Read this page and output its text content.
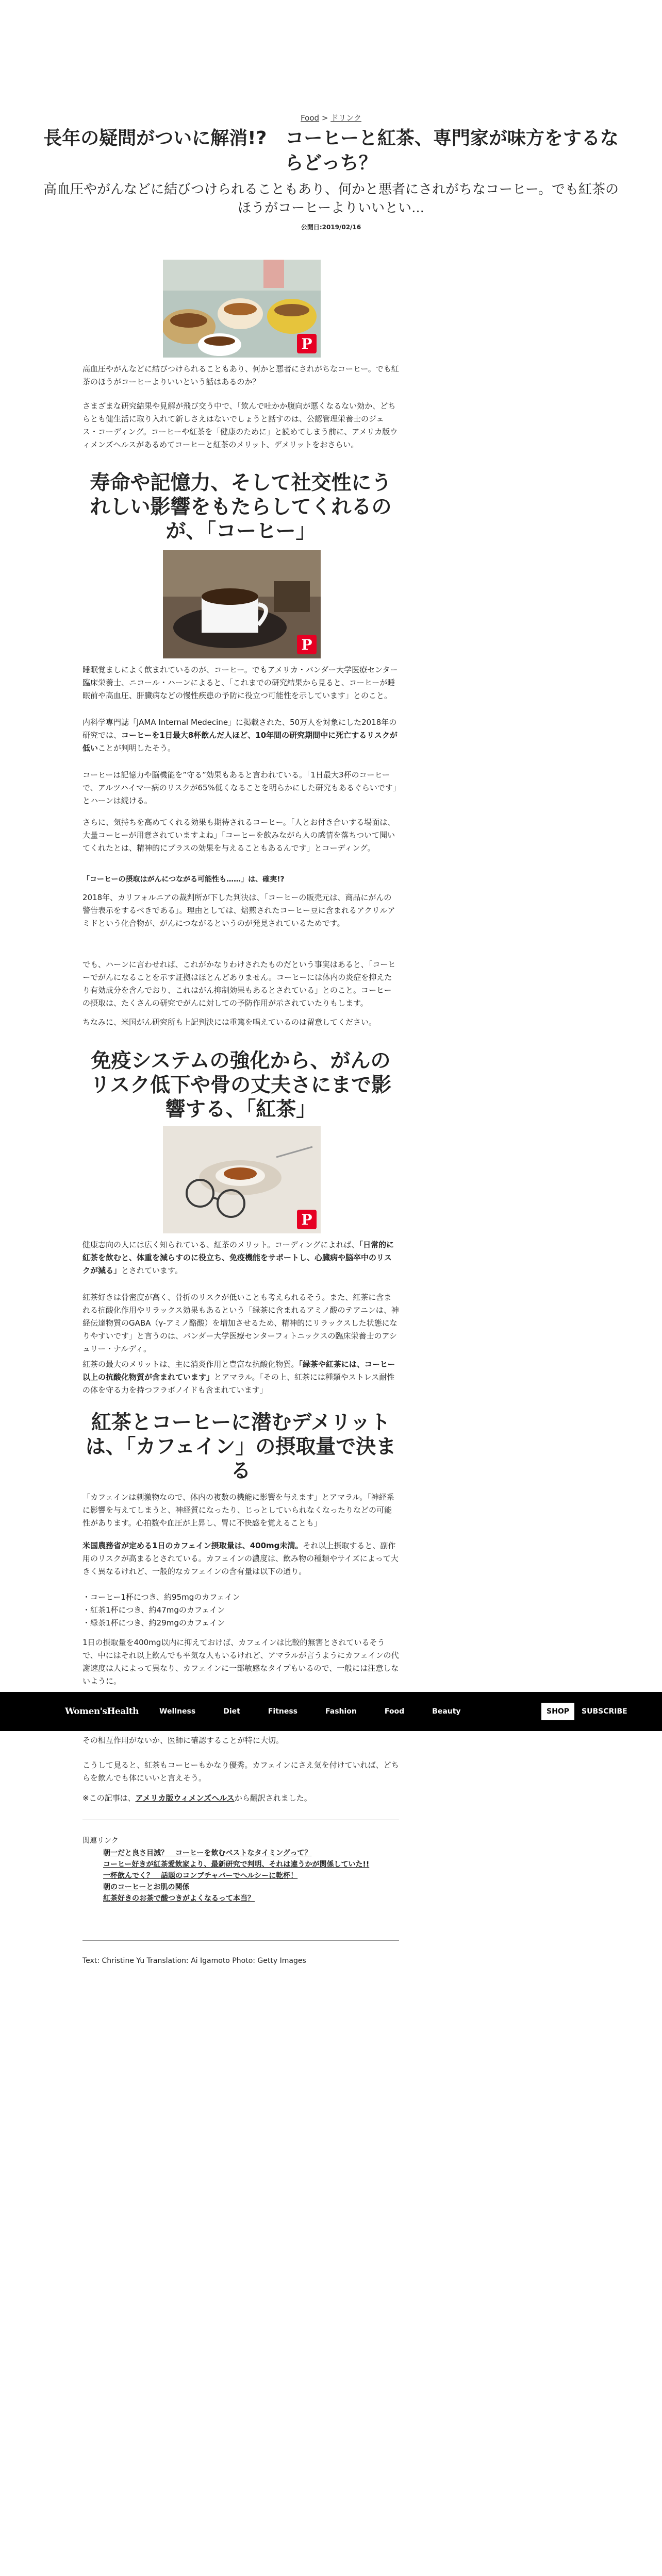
Food > ドリンク
長年の疑問がついに解消!?　コーヒーと紅茶、専門家が味方をするならどっち？
高血圧やがんなどに結びつけられることもあり、何かと悪者にされがちなコーヒー。でも紅茶のほうがコーヒーよりいいとい...
公開日:2019/02/16
P

高血圧やがんなどに結びつけられることもあり、何かと悪者にされがちなコーヒー。でも紅茶のほうがコーヒーよりいいという話はあるのか？

さまざまな研究結果や見解が飛び交う中で、「飲んで吐かか腹向が悪くなるない効か、どちらとも健生活に取り入れて新しさえはないでしょうと話すのは、公認管理栄養士のジェス・コーディング。コーヒーや紅茶を「健康のために」と読めてしまう前に、アメリカ版ウィメンズヘルスがあるめてコーヒーと紅茶のメリット、デメリットをおさらい。

寿命や記憶力、そして社交性にうれしい影響をもたらしてくれるのが、「コーヒー」
P

睡眠覚ましによく飲まれているのが、コーヒー。でもアメリカ・バンダー大学医療センター臨床栄養士、ニコール・ハーンによると、「これまでの研究結果から見ると、コーヒーが睡眠前や高血圧、肝臓病などの慢性疾患の予防に役立つ可能性を示しています」とのこと。

内科学専門誌「JAMA Internal Medecine」に掲載された、50万人を対象にした2018年の研究では、コーヒーを1日最大8杯飲んだ人ほど、10年間の研究期間中に死亡するリスクが低いことが判明したそう。

コーヒーは記憶力や脳機能を”守る”効果もあると言われている。「1日最大3杯のコーヒーで、アルツハイマー病のリスクが65%低くなることを明らかにした研究もあるぐらいです」とハーンは続ける。

さらに、気持ちを高めてくれる効果も期待されるコーヒー。「人とお付き合いする場面は、大量コーヒーが用意されていますよね」「コーヒーを飲みながら人の感情を落ちついて聞いてくれたとは、精神的にプラスの効果を与えることもあるんです」とコーディング。

「コーヒーの摂取はがんにつながる可能性も……」は、確実!?

2018年、カリフォルニアの裁判所が下した判決は、「コーヒーの販売元は、商品にがんの警告表示をするべきである」。理由としては、焙煎されたコーヒー豆に含まれるアクリルアミドという化合物が、がんにつながるというのが発見されているためです。

でも、ハーンに言わせれば、これがかなりわけされたものだという事実はあると、「コーヒーでがんになることを示す証拠はほとんどありません。コーヒーには体内の炎症を抑えたり有効成分を含んでおり、これはがん抑制効果もあるとされている」とのこと。コーヒーの摂取は、たくさんの研究でがんに対しての予防作用が示されていたりもします。

ちなみに、米国がん研究所も上記判決には重篤を唱えているのは留意してください。

免疫システムの強化から、がんのリスク低下や骨の丈夫さにまで影響する、「紅茶」
P

健康志向の人には広く知られている、紅茶のメリット。コーディングによれば、「日常的に紅茶を飲むと、体重を減らすのに役立ち、免疫機能をサポートし、心臓病や脳卒中のリスクが減る」とされています。

紅茶好きは骨密度が高く、骨折のリスクが低いことも考えられるそう。また、紅茶に含まれる抗酸化作用やリラックス効果もあるという「緑茶に含まれるアミノ酸のテアニンは、神経伝達物質のGABA（γ-アミノ酪酸）を増加させるため、精神的にリラックスした状態になりやすいです」と言うのは、バンダー大学医療センターフィトニックスの臨床栄養士のアシュリー・ナルディ。

紅茶の最大のメリットは、主に消炎作用と豊富な抗酸化物質。「緑茶や紅茶には、コーヒー以上の抗酸化物質が含まれています」とアマラル。「その上、紅茶には種類やストレス耐性の体を守る力を持つフラボノイドも含まれています」

紅茶とコーヒーに潜むデメリットは、「カフェイン」の摂取量で決まる

「カフェインは刺激物なので、体内の複数の機能に影響を与えます」とアマラル。「神経系に影響を与えてしまうと、神経質になったり、じっとしていられなくなったりなどの可能性があります。心拍数や血圧が上昇し、胃に不快感を覚えることも」

米国農務省が定める1日のカフェイン摂取量は、400mg未満。それ以上摂取すると、副作用のリスクが高まるとされている。カフェインの濃度は、飲み物の種類やサイズによって大きく異なるけれど、一般的なカフェインの含有量は以下の通り。

・コーヒー1杯につき、約95mgのカフェイン
・紅茶1杯につき、約47mgのカフェイン
・緑茶1杯につき、約29mgのカフェイン

1日の摂取量を400mg以内に抑えておけば、カフェインは比較的無害とされているそうで、中にはそれ以上飲んでも平気な人もいるけれど、アマラルが言うようにカフェインの代謝速度は人によって異なり、カフェインに一部敏感なタイプもいるので、一般には注意しないように。

Women'sHealth	Wellness	Diet	Fitness	Fashion	Food	Beauty	SHOP	SUBSCRIBE

その相互作用がないか、医師に確認することが特に大切。

こうして見ると、紅茶もコーヒーもかなり優秀。カフェインにさえ気を付けていれば、どちらを飲んでも体にいいと言えそう。

※この記事は、アメリカ版ウィメンズヘルスから翻訳されました。

関連リンク
朝一だと良さ目減？　コーヒーを飲むベストなタイミングって？
コーヒー好きが紅茶愛飲家より、最新研究で判明、それは違うかが関係していた!!
一杯飲んでく？　話題のコンブチャバーでヘルシーに乾杯！
朝のコーヒーとお肌の関係
紅茶好きのお茶で酸つきがよくなるって本当？
Text: Christine Yu Translation: Ai Igamoto Photo: Getty Images
